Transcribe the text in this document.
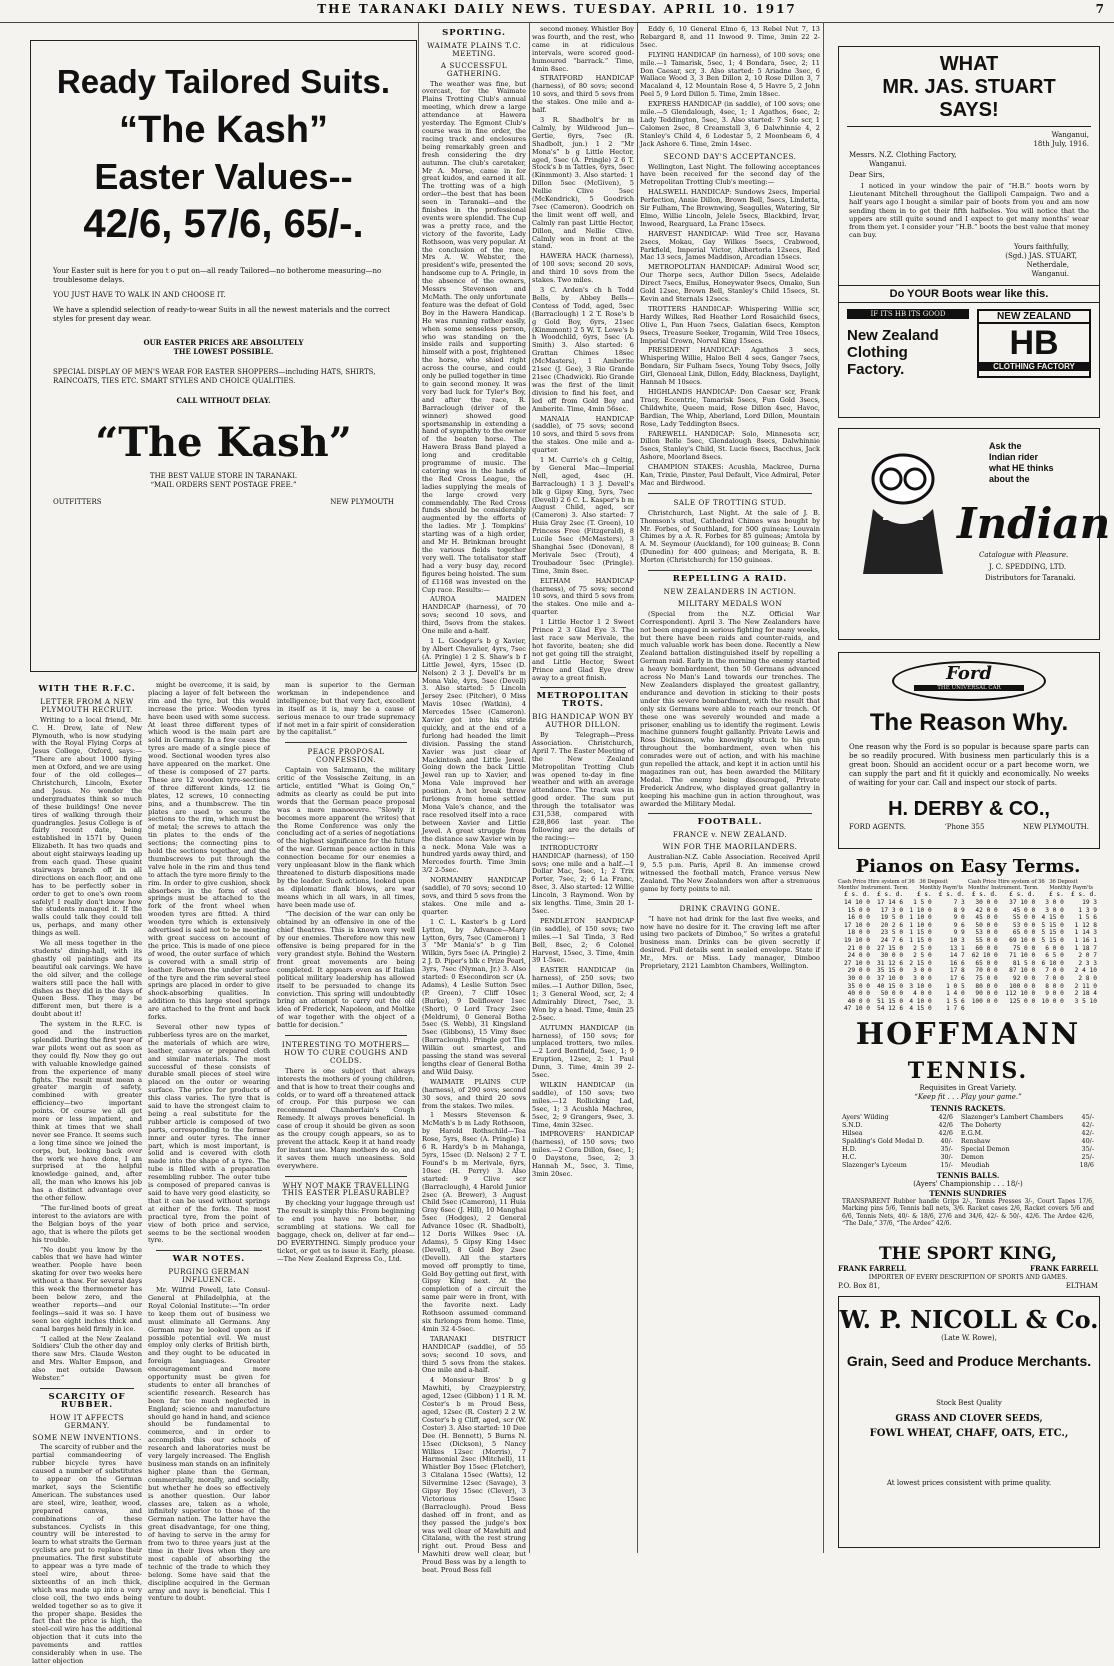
THE TARANAKI DAILY NEWS. TUESDAY. APRIL 10. 1917	7
Ready Tailored Suits.
“The Kash”
Easter Values--
42/6, 57/6, 65/-.
Your Easter suit is here for you t o put on—all ready Tailored—no botherome measuring—no troublesome delays.
YOU JUST HAVE TO WALK IN AND CHOOSE IT.
We have a splendid selection of ready-to-wear Suits in all the newest materials and the correct styles for present day wear.
OUR EASTER PRICES ARE ABSOLUTELY THE LOWEST POSSIBLE.
SPECIAL DISPLAY OF MEN'S WEAR FOR EASTER SHOPPERS—including HATS, SHIRTS, RAINCOATS, TIES ETC. SMART STYLES AND CHOICE QUALITIES.
CALL WITHOUT DELAY.
“The Kash”
THE BEST VALUE STORE IN TARANAKI.
“MAIL ORDERS SENT POSTAGE FREE.”
OUTFITTERS	NEW PLYMOUTH
WITH THE R.F.C.
LETTER FROM A NEW PLYMOUTH RECRUIT.

Writing to a local friend, Mr. C. H. Drew, late of New Plymouth, who is now studying with the Royal Flying Corps at Jesus College, Oxford, says:— “There are about 1000 flying men at Oxford, and we are using four of the old colleges—Christchurch, Lincoln, Exeter and Jesus. No wonder the undergraduates think so much of these buildings! One never tires of walking through their quadrangles. Jesus College is of fairly recent date, being established in 1571 by Queen Elizabeth. It has two quads and about eight stairways leading up from each quad. These quaint stairways branch off in all directions on each floor, and one has to be perfectly sober in order to get to one's own room safely! I really don't know how the students managed it. If the walls could talk they could tell us, perhaps, and many other things as well.

We all mess together in the students' dining-hall, with its ghastly oil paintings and its beautiful oak carvings. We have the old silver, and the college waiters still pace the hall with dishes as they did in the days of Queen Bess. They may be different men, but there is a doubt about it!

The system in the R.F.C. is good and the instruction splendid. During the first year of war pilots went out as soon as they could fly. Now they go out with valuable knowledge gained from the experience of many fights. The result must mean a greater margin of safety, combined with greater efficiency—two important points. Of course we all get more or less impatient, and think at times that we shall never see France. It seems such a long time since we joined the corps, but, looking back over the work we have done, I am surprised at the helpful knowledge gained, and, after all, the man who knows his job has a distinct advantage over the other fellow.

“The fur-lined boots of great interest to the aviators are with the Belgian boys of the year ago, that is where the pilots get his trouble.

“No doubt you know by the cables that we have had winter weather. People have been skating for over two weeks here without a thaw. For several days this week the thermometer has been below zero, and the weather reports—and our feelings—said it was so. I have seen ice eight inches thick and canal barges held firmly in ice.

“I called at the New Zealand Soldiers' Club the other day and there saw Mrs. Claude Weston and Mrs. Walter Empson, and also met outside Dawson Webster.”

SCARCITY OF RUBBER.
HOW IT AFFECTS GERMANY.
SOME NEW INVENTIONS.

The scarcity of rubber and the partial commandeering of rubber bicycle tyres have caused a number of substitutes to appear on the German market, says the Scientific American. The substances used are steel, wire, leather, wood, prepared canvas, and combinations of these substances. Cyclists in this country will be interested to learn to what straits the German cyclists are put to replace their pneumatics. The first substitute to appear was a tyre made of steel wire, about three-sixteenths of an inch thick, which was made up into a very close coil, the two ends being welded together so as to give it the proper shape. Besides the fact that the price is high, the steel-coil wire has the additional objection that it cuts into the pavements and rattles considerably when in use. The latter objection

might be overcome, it is said, by placing a layer of felt between the rim and the tyre, but this would increase the price. Wooden tyres have been used with some success. At least three different types of which wood is the main part are sold in Germany. In a few cases the tyres are made of a single piece of wood. Sectional wooden tyres also have appeared on the market. One of these is composed of 27 parts. These are 12 wooden tyre-sections of three different kinds, 12 tie plates, 12 screws, 10 connecting pins, and a thumbscrew. The tin plates are used to secure the sections to the rim, which must be of metal; the screws to attach the tin plates to the ends of the sections; the connecting pins to hold the sections together, and the thumbscrews to put through the valve hole in the rim and thus tend to attach the tyre more firmly to the rim. In order to give cushion, shock absorbers in the form of steel springs must be attached to the fork of the front wheel when wooden tyres are fitted. A third wooden tyre which is extensively advertised is said not to be meeting with great success on account of the price. This is made of one piece of wood, the outer surface of which is covered with a small strip of leather. Between the under surface of the tyre and the rim several steel springs are placed in order to give shock-absorbing qualities. In addition to this large steel springs are attached to the front and back forks.

Several other new types of rubberless tyres are on the market, the materials of which are wire, leather, canvas or prepared cloth and similar materials. The most successful of these consists of durable small pieces of steel wire placed on the outer or wearing surface. The price for products of this class varies. The tyre that is said to have the strongest claim to being a real substitute for the rubber article is composed of two parts, corresponding to the former inner and outer tyres. The inner part, which is most important, is solid and is covered with cloth made into the shape of a tyre. The tube is filled with a preparation resembling rubber. The outer tube is composed of prepared canvas is said to have very good elasticity, so that it can be used without springs at either of the forks. The most practical tyre, from the point of view of both price and service, seems to be the sectional wooden tyre.

WAR NOTES.
PURGING GERMAN INFLUENCE.

Mr. Wilfrid Powell, late Consul-General at Philadelphia, at the Royal Colonial Institute:—“In order to keep them out of business we must eliminate all Germans. Any German may be looked upon as if possible potential evil. We must employ only clerks of British birth, and they ought to be educated in foreign languages. Greater encouragement and more opportunity must be given for students to enter all branches of scientific research. Research has been far too much neglected in England; science and manufacture should go hand in hand, and science should be fundamental to commerce, and in order to accomplish this our schools of research and laboratories must be very largely increased. The English business man stands on an infinitely higher plane than the German, commercially, morally, and socially, but whether he does so effectively is another question. Our labor classes are, taken as a whole, infinitely superior to those of the German nation. The latter have the great disadvantage, for one thing, of having to serve in the army for from two to three years just at the time in their lives when they are most capable of absorbing the technic of the trade to which they belong. Some have said that the discipline acquired in the German army and navy is beneficial. This I venture to doubt.

man is superior to the German workman in independence and intelligence; but that very fact, excellent in itself as it is, may be a cause of serious menace to our trade supremacy if not met in a fair spirit of consideration by the capitalist.”

PEACE PROPOSAL CONFESSION.

Captain von Salzmann, the military critic of the Vossische Zeitung, in an article, entitled “What is Going On,” admits as clearly as could be put into words that the German peace proposal was a mere manoeuvre. “Slowly it becomes more apparent (he writes) that the Rome Conference was only the concluding act of a series of negotiations of the highest significance for the future of the war. German peace action in this connection became for our enemies a very unpleasant blow in the flank which threatened to disturb dispositions made by the leader. Such actions, looked upon as diplomatic flank blows, are war means which in all wars, in all times, have been made use of.

“The decision of the war can only be obtained by an offensive in one of the chief theatres. This is known very well by our enemies. Therefore now this new offensive is being prepared for in the very grandest style. Behind the Western front great movements are being completed. It appears even as if Italian political military leadership has allowed itself to be persuaded to change its conviction. This spring will undoubtedly bring an attempt to carry out the old idea of Frederick, Napoleon, and Moltke of war together with the object of a battle for decision.”

INTERESTING TO MOTHERS—HOW TO CURE COUGHS AND COLDS.

There is one subject that always interests the mothers of young children, and that is how to treat their coughs and colds, or to ward off a threatened attack of croup. For this purpose we can recommend Chamberlain's Cough Remedy. It always proves beneficial. In case of croup it should be given as soon as the croupy cough appears, so as to prevent the attack. Keep it at hand ready for instant use. Many mothers do so, and it saves them much uneasiness. Sold everywhere.

WHY NOT MAKE TRAVELLING THIS EASTER PLEASURABLE?

By checking your luggage through us! The result is simply this: From beginning to end you have no bother, no scrambling at stations. We call for baggage, check on, deliver at far end—DO EVERYTHING. Simply produce your ticket, or get us to issue it. Early, please.—The New Zealand Express Co., Ltd.

SPORTING.
WAIMATE PLAINS T.C. MEETING.
A SUCCESSFUL GATHERING.

The weather was fine, but overcast, for the Waimate Plains Trotting Club's annual meeting, which drew a large attendance at Hawera yesterday. The Egmont Club's course was in fine order, the racing track and enclosures being remarkably green and fresh considering the dry autumn. The club's caretaker, Mr A. Morse, came in for great kudos, and earned it all. The trotting was of a high order—the best that has been seen in Taranaki—and the finishes in the professional events were splendid. The Cup was a pretty race, and the victory of the favorite, Lady Rothsoon, was very popular. At the conclusion of the race, Mrs A. W. Webster, the president's wife, presented the handsome cup to A. Pringle, in the absence of the owners, Messrs Stevenson and McMath. The only unfortunate feature was the defeat of Gold Boy in the Hawera Handicap. He was running rather easily, when some senseless person, who was standing on the inside rails and supporting himself with a post, frightened the horse, who shied right across the course, and could only be pulled together in time to gain second money. It was very bad luck for Tyler's Boy, and after the race, R. Barraclough (driver of the winner) showed good sportsmanship in extending a hand of sympathy to the owner of the beaten horse. The Hawera Brass Band played a long and creditable programme of music. The catering was in the hands of the Red Cross League, the ladies supplying the meals of the large crowd very commendably. The Red Cross funds should be considerably augmented by the efforts of the ladies. Mr J. Tompkins' starting was of a high order, and Mr H. Brinkman brought the various fields together very well. The totalisator staff had a very busy day, record figures being hoisted. The sum of £1168 was invested on the Cup race. Results:—

AUROA MAIDEN HANDICAP (harness), of 70 sovs; second 10 sovs, and third, 5sovs from the stakes. One mile and a-half.

1 L. Goodger's b g Xavier, by Albert Chevalier, 4yrs, 7sec (A. Pringle) 1 2 S. Shaw's b f Little Jewel, 4yrs, 15sec (D. Nelson) 2 3 J. Devell's br m Mona Vale, 4yrs, 5sec (Devell) 3. Also started: 5 Lincoln Jersey 2sec (Pitcher), 0 Miss Mavis 10sec (Watkin), 4 Mercedes 15sec (Cameron). Xavier got into his stride quickly, and at the end of a furlong had headed the limit division. Passing the stand Xavier was just clear of Mackintosh and Little Jewel. Going down the back Little Jewel ran up to Xavier, and Mona Vale improved her position. A hot break threw furlongs from home settled Mona Vale's chance, and the race resolved itself into a race between Xavier and Little Jewel. A great struggle from the distance saw Xavier win by a neck. Mona Vale was a hundred yards away third, and Mercedes fourth. Time 3min 3/2 2-5sec.

NORMANBY HANDICAP (saddle), of 70 sovs; second 10 sovs, and third 5 sovs from the stakes. One mile and a-quarter.

1 C. L. Kaster's b g Lord Lytton, by Advance—Mary Lytton, 6yrs, 7sec (Cameron) 1 3 “Mr Mania's” b g Tim Wilkin, 5yrs 5sec (A. Pringle) 2 2 J. D. Piper's blk c Prize Pearl, 3yrs, 7sec (Nyman, Jr.) 3. Also started: 0 Esecondiron scr (A. Adams), 4 Leslie Sutton 5sec (P. Green), 7 Cliff 10sec (Burke), 9 Deliflower 1sec (Short), 0 Lord Tracy 2sec (Meldrum), 0 General Botha 5sec (S. Webb), 31 Kingsland 5sec (Gibbons), 15 Vimy 8sec (Barraclough). Pringle got Tim Wilkin out smartest, and passing the stand was several lengths clear of General Botha and Wild Daisy.

WAIMATE PLAINS CUP (harness), of 290 sovs; second 30 sovs, and third 20 sovs from the stakes. Two miles.

1 Messrs Stevenson & McMath's b m Lady Rothsoon, by Harold Rothschild—Tea Rose, 5yrs, 8sec (A. Pringle) 1 6 R. Hardy's b m Mahanga, 5yrs, 15sec (D. Nelson) 2 7 T. Found's b m Merivale, 6yrs, 10sec (H. Perry) 3. Also started: 9 Clive scr (Barraclough), 4 Harold Junior 2sec (A. Brewer), 3 August Child 5sec (Cameron), 11 Huia Gray 6sec (J. Hill), 10 Manghai 5sec (Hodges), 2 General Advance 10sec (R. Shadbolt), 12 Doris Wilkes 9sec (A. Adams), 5 Gipsy King 14sec (Devell), 8 Gold Boy 2sec (Devell). All the starters moved off promptly to time, Gold Boy getting out first, with Gipsy King next. At the completion of a circuit the same pair were in front, with the favorite next. Lady Rothsoon assumed command six furlongs from home. Time, 4min 32 4-5sec.

TARANAKI DISTRICT HANDICAP (saddle), of 55 sovs; second 10 sovs, and third 5 sovs from the stakes. One mile and a-half.

4 Monsieur Bros' b g Mawhiti, by Crazypierstry, aged, 12sec (Gibbon) 1 1 R. M. Coster's b m Proud Bess, aged, 12sec (R. Coster) 2 2 W. Coster's b g Cliff, aged, scr (W. Coster) 3. Also started: 10 Dee Dee (H. Bennett), 5 Burns N. 15sec (Dickson), 5 Nancy Wilkes 12sec (Morris), 7 Harmonial 2sec (Mitchell), 11 Whistler Boy 15sec (Fletcher), 3 Citalana 15sec (Watts), 12 Silvermine 12sec (Savage), 3 Gipsy Boy 15sec (Clever), 3 Victorious 15sec (Barraclough). Proud Bess dashed off in front, and as they passed the judge's box was well clear of Mawhiti and Citalana, with the rest strung right out. Proud Bess and Mawhiti drew well clear, but Proud Bess was by a length to beat. Proud Bess fell

second money. Whistler Boy was fourth, and the rest, who came in at ridiculous intervals, were scored good-humoured “barrack.” Time, 4min 8sec.

STRATFORD HANDICAP (harness), of 80 sovs; second 10 sovs, and third 5 sovs from the stakes. One mile and a-half.

3 R. Shadbolt's br m Calmly, by Wildwood Jun—Gertie, 6yrs, 7sec (R. Shadbolt, jun.) 1 2 “Mr Mona's” b g Little Hector, aged, 5sec (A. Pringle) 2 6 T. Stock's b m Tattles, 6yrs, 5sec (Kinmmont) 3. Also started: 1 Dillon 5sec (McGiven), 5 Nellie Clive 5sec (McKendrick), 5 Goodrich 7sec (Cameron). Goodrich on the limit went off well, and Calmly ran past Little Hector, Dillon, and Nellie Clive. Calmly won in front at the stand.

HAWERA HACK (harness), of 100 sovs; second 20 sovs, and third 10 sovs from the stakes. Two miles.

3 C. Arden's ch h Todd Bells, by Abbey Bells—Contess of Todd, aged, 5sec (Barraclough) 1 2 T. Rose's b g Gold Boy, 6yrs, 21sec (Kinmmont) 2 5 W. T. Lowe's b h Woodchild, 6yrs, 5sec (A. Smith) 3. Also started: 6 Grattan Chimes 18sec (McMasters), 1 Amberite 21sec (J. Gee), 3 Rio Grande 21sec (Chadwick). Rio Grande was the first of the limit division to find his feet, and led off from Gold Boy and Amberite. Time, 4min 56sec.

MANAIA HANDICAP (saddle), of 75 sovs; second 10 sovs, and third 5 sovs from the stakes. One mile and a-quarter.

1 M. Currie's ch g Celtig, by General Mac—Imperial Nell, aged, 4sec (H. Barraclough) 1 3 J. Devell's blk g Gipsy King, 5yrs, 7sec (Devell) 2 6 C. L. Kasper's b m August Child, aged, scr (Cameron) 3. Also started: 7 Huia Gray 2sec (T. Green), 10 Princess Free (Fitzgerald), 8 Lucile 5sec (McMasters), 3 Shanghai 5sec (Donovan), 8 Merivale 5sec (Trout), 4 Troubadour 5sec (Pringle). Time, 3min 8sec.

ELTHAM HANDICAP (harness), of 75 sovs; second 10 sovs, and third 5 sovs from the stakes. One mile and a-quarter.

1 Little Hector 1 2 Sweet Prince 2 3 Glad Eye 3. The last race saw Merivale, the hot favorite, beaten; she did not get going till the straight, and Little Hector, Sweet Prince and Glad Eye drew away to a great finish.

METROPOLITAN TROTS.
BIG HANDICAP WON BY AUTHOR DILLON.

By Telegraph—Press Association. Christchurch, April 7. The Easter Meeting of the New Zealand Metropolitan Trotting Club was opened to-day in fine weather and with an average attendance. The track was in good order. The sum put through the totalisator was £31,538, compared with £28,866 last year. The following are the details of the racing:—

INTRODUCTORY HANDICAP (harness), of 150 sovs; one mile and a half.—1 Dollar Mac, 5sec, 1; 2 Trix Porter, 7sec, 2; 6 La Franc, 8sec, 3. Also started: 12 Willie Lincoln, 3 Raymond. Won by six lengths. Time, 3min 20 1-5sec.

PENDLETON HANDICAP (in saddle), of 150 sovs; two miles.—1 Sal Tinda, 3 Red Bell, 8sec, 2; 6 Colonel Harvest, 15sec, 3. Time, 4min 39 1-5sec.

EASTER HANDICAP (in harness), of 250 sovs; two miles.—1 Author Dillon, 5sec, 1; 3 General Wood, scr, 2; 4 Admirably Direct, 7sec, 3. Won by a head. Time, 4min 25 2-5sec.

AUTUMN HANDICAP (in harness), of 150 sovs; for unplaced trotters, two miles.—2 Lord Bentfield, 5sec, 1; 9 Eruption, 12sec, 2; 1 Paul Dunn, 3. Time, 4min 39 2-5sec.

WILKIN HANDICAP (in saddle), of 150 sovs; two miles.—12 Rollicking Lad, 5sec, 1; 3 Acushla Machree, 5sec, 2; 9 Grangers, 9sec, 3. Time, 4min 32sec.

IMPROVERS' HANDICAP (harness), of 150 sovs; two miles.—2 Cora Dillon, 6sec, 1; 0 Daystone, 5sec, 2; 3 Hannah M., 5sec, 3. Time, 3min 20sec.

Eddy 6, 10 General Elmo 6, 13 Rebel Nut 7, 13 Rebargard 8, and 11 Inwood 9. Time, 3min 22 2-5sec.

FLYING HANDICAP (in harness), of 100 sovs; one mile.—1 Tamarisk, 5sec, 1; 4 Bondara, 5sec, 2; 11 Don Caesar, scr, 3. Also started: 5 Ariadne 3sec, 6 Wallace Wood 3, 3 Ben Dillon 2, 10 Rose Dillon 3, 7 Macaland 4, 12 Mountain Rose 4, 5 Havre 5, 2 John Peel 5, 9 Lord Dillon 5. Time, 2min 18sec.

EXPRESS HANDICAP (in saddle), of 100 sovs; one mile.—5 Glendalough, 4sec, 1; 1 Agathos, 6sec, 2; Lady Teddington, 5sec, 3. Also started: 7 Solo scr, 1 Calomen 2sec, 8 Creamstall 3, 6 Dalwhinnie 4, 2 Stanley's Child 4, 6 Lodestar 5, 2 Moonbeam 6, 4 Jack Ashore 6. Time, 2min 14sec.

SECOND DAY'S ACCEPTANCES.

Wellington, Last Night. The following acceptances have been received for the second day of the Metropolitan Trotting Club's meeting:—

HALSWELL HANDICAP: Sundows 2secs, Imperial Perfection, Annie Dillon, Brown Bell, 5secs, Lindetta, Sir Fulham, The Brownwing, Seagulles, Watering, Sir Elmo, Willie Lincoln, Jelele 5secs, Blackbird, Irvar, Inwood, Rearguard, La Franc 15secs.

HARVEST HANDICAP: Wild Tree scr, Havana 2secs, Mokau, Gay Wilkes 5secs, Crabwood, Parkfield, Imperial Victor, Albertorla 12secs, Red Mac 13 secs, James Maddison, Arcadian 15secs.

METROPOLITAN HANDICAP: Admiral Wood scr, Our Thorpe secs, Author Dillon 5secs, Adelaide Direct 7secs, Emilus, Honeywater 9secs, Omako, Sun Gold 12sec, Brown Bell, Stanley's Child 15secs, St. Kevin and Sternals 12secs.

TROTTERS HANDICAP: Whispering Willie scr, Hardy Wilkes, Red Heather Lord Rosaichild 6secs, Olive L, Pan Huon 7secs, Galatian 6secs, Kempton 9secs, Treasure Seeker, Trogamin, Wild Tree 10secs, Imperial Crown, Norval King 15secs.

PRESIDENT HANDICAP: Agathos 3 secs, Whispering Willie, Haloo Bell 4 secs, Ganger 7secs, Bondara, Sir Fulham 5secs, Young Toby 9secs, Jolly Girl, Glenaeal Link, Dillon, Eddy, Blackness, Daylight, Hannah M 10secs.

HIGHLANDS HANDICAP: Don Caesar scr, Frank Tracy, Eccentric, Tamarisk 5secs, Fun Gold 3secs, Childwhite, Queen maid, Rose Dillon 4sec, Havoc, Bardian, The Whip, Aberland, Lord Dillon, Mountain Rose, Lady Teddington 8secs.

FAREWELL HANDICAP: Solo, Minnesota scr, Dillon Belle 5sec, Glendalough 8secs, Dalwhinnie 5secs, Stanley's Child, St. Lucie 6secs, Bacchus, Jack Ashore, Moorland 8secs.

CHAMPION STAKES: Acushla, Mackree, Durna Kan, Trixie, Pinster, Paul Default, Vice Admiral, Peter Mac and Birdwood.

SALE OF TROTTING STUD.

Christchurch, Last Night. At the sale of J. B. Thomson's stud, Cathedral Chimes was bought by Mr. Forbes, of Southland, for 500 guineas; Louvain Chimes by a A. R. Forbes for 85 guineas; Amtola by A. M. Seymour (Auckland), for 100 guineas; B. Conn (Dunedin) for 400 guineas; and Merigata, R. B. Morton (Christchurch) for 150 guineas.

REPELLING A RAID.
NEW ZEALANDERS IN ACTION.
MILITARY MEDALS WON

(Special from the N.Z. Official War Correspondent). April 3. The New Zealanders have not been engaged in serious fighting for many weeks, but there have been raids and counter-raids, and much valuable work has been done. Recently a New Zealand battalion distinguished itself by repelling a German raid. Early in the morning the enemy started a heavy bombardment, then 50 Germans advanced across No Man's Land towards our trenches. The New Zealanders displayed the greatest gallantry, endurance and devotion in sticking to their posts under this severe bombardment, with the result that only six Germans were able to reach our trench. Of these one was severely wounded and made a prisoner, enabling us to identify the regiment. Lewis machine gunners fought gallantly. Private Lewis and Ross Dickinson, who knowingly stuck to his gun throughout the bombardment, even when his comrades were out of action, and with his machine gun repelled the attack, and kept it in action until his magazines ran out, has been awarded the Military Medal. The enemy being discouraged, Private Frederick Andrew, who displayed great gallantry in keeping his machine gun in action throughout, was awarded the Military Medal.

FOOTBALL.
FRANCE v. NEW ZEALAND.
WIN FOR THE MAORILANDERS.

Australian-N.Z. Cable Association. Received April 9, 5.5 p.m. Paris, April 8. An immense crowd witnessed the football match, France versus New Zealand. The New Zealanders won after a strenuous game by forty points to nil.

DRINK CRAVING GONE.

“I have not had drink for the last five weeks, and now have no desire for it. The craving left me after using two packets of Dimboo,” So writes a grateful business man. Drinks can be given secretly if desired. Full details sent in sealed envelope. State if Mr., Mrs. or Miss. Lady manager, Dimboo Proprietary, 2121 Lambton Chambers, Wellington.

WHAT
MR. JAS. STUART
SAYS!
Wanganui,
18th July, 1916.
Messrs. N.Z. Clothing Factory,
Wanganui.
Dear Sirs,
I noticed in your window the pair of “H.B.” boots worn by Lieutenant Mitchell throughout the Gallipoli Campaign. Two and a half years ago I bought a similar pair of boots from you and am now sending them in to get their fifth halfsoles. You will notice that the uppers are still quite sound and I expect to get many months' wear from them yet. I consider your “H.B.” boots the best value that money can buy.
Yours faithfully,
(Sgd.) JAS. STUART,
Netherdale,
Wanganui.
Do YOUR Boots wear like this.
IF ITS HB ITS GOOD
New Zealand
Clothing Factory.
NEW ZEALAND
HB
CLOTHING FACTORY
Ask the
Indian rider
what HE thinks
about the
Indian
Catalogue with Pleasure.
J. C. SPEDDING, LTD.
Distributors for Taranaki.
Ford
THE UNIVERSAL CAR
The Reason Why.
One reason why the Ford is so popular is because spare parts can be so readily procured. With business men particularly this is a great boon. Should an accident occur or a part become worn, we can supply the part and fit it quickly and economically. No weeks of waiting for your car. Call and inspect our stock of parts.
H. DERBY & CO.,
FORD AGENTS.	’Phone 355	NEW PLYMOUTH.
Pianos on Easy Terms.
Cash Price Hire system of 36 Months' Instrument. Term.
36 Deposit Monthly Paym'ts
Cash Price Hire system of 36 Months' Instrument. Term.
36 Deposit Monthly Paym'ts
£ s. d.	£ s. d.	£ s.	£ s. d.	£ s. d.	£ s. d.	£ s.	£ s. d.
14 10 0	17 14 6	1 5 0	7 3	30 0 0	37 10 0	3 0 0	19 3
15 0 0	17 3 0	1 10 0	8 9	42 0 0	45 0 0	3 0 0	1 3 9
16 0 0	19 5 0	1 10 0	9 0	45 0 0	55 0 0	4 15 0	1 5 6
17 10 0	20 2 6	1 10 0	9 6	50 0 0	53 0 0	5 15 0	1 12 8
18 0 0	23 5 0	1 15 0	9 9	53 0 0	65 0 0	5 15 0	1 14 3
19 10 0	24 7 6	1 15 0	10 3	55 0 0	69 10 0	5 15 0	1 16 1
21 0 0	27 15 0	2 5 0	13 1	60 0 0	75 0 0	6 0 0	1 18 7
24 0 0	30 0 0	2 5 0	14 7	62 10 0	71 10 0	6 5 0	2 0 7
27 10 0	31 12 6	2 15 0	16 6	65 0 0	81 5 0	6 10 0	2 3 3
29 0 0	35 15 0	3 0 0	17 8	70 0 0	87 10 0	7 0 0	2 4 10
30 0 0	37 10 0	3 0 0	17 6	75 0 0	92 0 0	7 0 0	2 8 0
35 0 0	40 15 0	3 10 0	1 0 5	80 0 0	100 0 0	8 0 0	2 11 0
40 0 0	50 0 0	4 0 0	1 4 0	90 0 0	112 10 0	9 0 0	2 18 4
40 0 0	51 15 0	4 10 0	1 5 6	100 0 0	125 0 0	10 0 0	3 5 10
47 10 0	54 12 6	4 15 0	1 7 6				
HOFFMANN
TENNIS.
Requisites in Great Variety.
“Keep fit . . . Play your game.”
TENNIS RACKETS.
Ayers' Wilding	42/6
S.N.D.	42/6
Hilsea	42/6
Spalding's Gold Medal D.	40/-
H.D.	35/-
H.C.	30/-
Slazenger's Lyceum	15/-
Slazenger's Lambert Chambers	45/-
The Doherty	42/-
E.G.M.	42/-
Renshaw	40/-
Special Demon	35/-
Demon	25/-
Meudiah	18/6
TENNIS BALLS.
(Ayers' Championship . . . 18/-)
TENNIS SUNDRIES
TRANSPARENT Rubber handle Grips 2/-, Tennis Presses 3/-, Court Tapes 17/6, Marking pins 5/6, Tennis ball nets, 3/6. Racket cases 2/6, Racket covers 5/6 and 6/6, Tennis Nets, 40/- & 18/6, 27/6 and 34/6, 42/- & 50/-, 42/6. The Ardee 42/6, “The Dale,” 37/6, “The Ardee” 42/6.
THE SPORT KING,
FRANK FARRELL	FRANK FARRELL
IMPORTER OF EVERY DESCRIPTION OF SPORTS AND GAMES.
P.O. Box 81,	ELTHAM
W. P. NICOLL & Co.
(Late W. Rowe),
Grain, Seed and Produce Merchants.
Stock Best Quality
GRASS AND CLOVER SEEDS,
FOWL WHEAT, CHAFF, OATS, ETC.,
At lowest prices consistent with prime quality.
